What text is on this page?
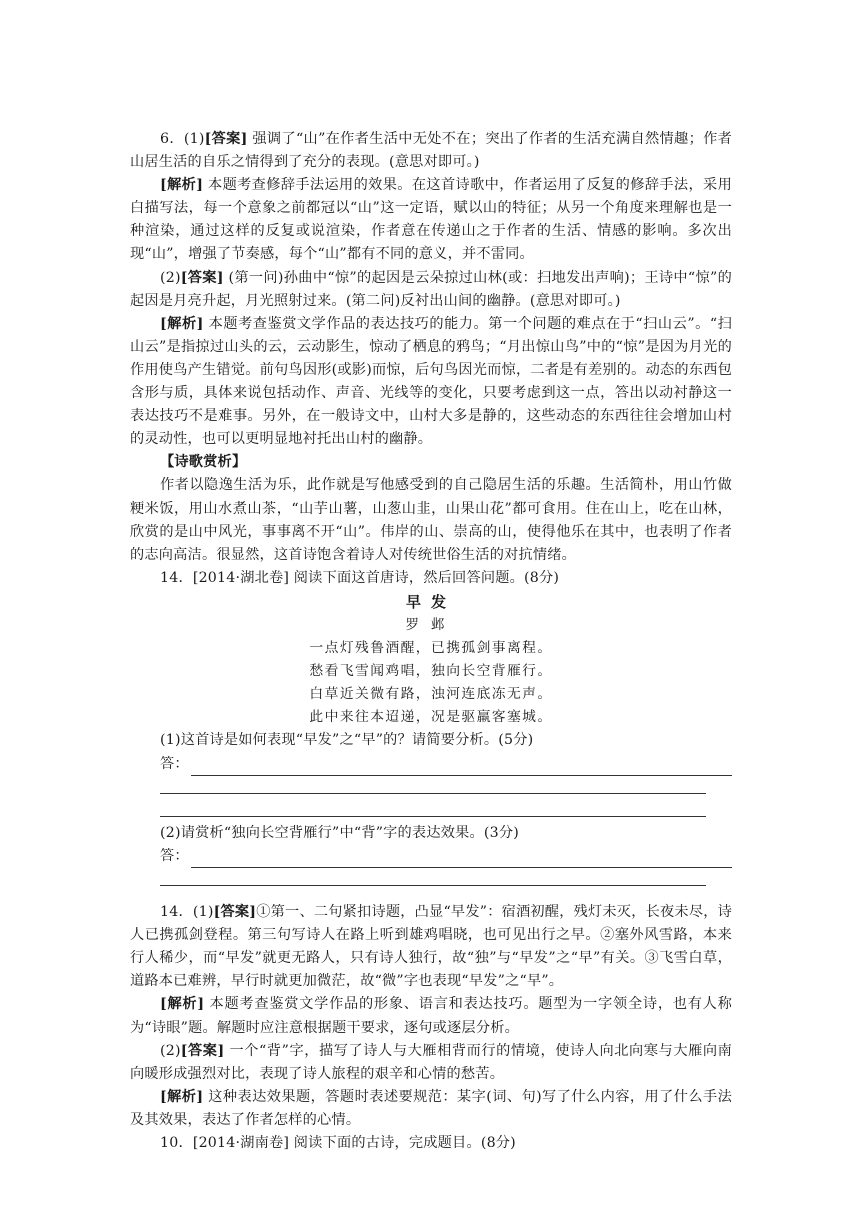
6．(1)[答案] 强调了“山”在作者生活中无处不在；突出了作者的生活充满自然情趣；作者山居生活的自乐之情得到了充分的表现。(意思对即可。)

[解析] 本题考查修辞手法运用的效果。在这首诗歌中，作者运用了反复的修辞手法，采用白描写法，每一个意象之前都冠以“山”这一定语，赋以山的特征；从另一个角度来理解也是一种渲染，通过这样的反复或说渲染，作者意在传递山之于作者的生活、情感的影响。多次出现“山”，增强了节奏感，每个“山”都有不同的意义，并不雷同。

(2)[答案] (第一问)孙曲中“惊”的起因是云朵掠过山林(或：扫地发出声响)；王诗中“惊”的起因是月亮升起，月光照射过来。(第二问)反衬出山间的幽静。(意思对即可。)

[解析] 本题考查鉴赏文学作品的表达技巧的能力。第一个问题的难点在于“扫山云”。“扫山云”是指掠过山头的云，云动影生，惊动了栖息的鸦鸟；“月出惊山鸟”中的“惊”是因为月光的作用使鸟产生错觉。前句鸟因形(或影)而惊，后句鸟因光而惊，二者是有差别的。动态的东西包含形与质，具体来说包括动作、声音、光线等的变化，只要考虑到这一点，答出以动衬静这一表达技巧不是难事。另外，在一般诗文中，山村大多是静的，这些动态的东西往往会增加山村的灵动性，也可以更明显地衬托出山村的幽静。

【诗歌赏析】

作者以隐逸生活为乐，此作就是写他感受到的自己隐居生活的乐趣。生活简朴，用山竹做粳米饭，用山水煮山茶，“山芋山薯，山葱山韭，山果山花”都可食用。住在山上，吃在山林，欣赏的是山中风光，事事离不开“山”。伟岸的山、崇高的山，使得他乐在其中，也表明了作者的志向高洁。很显然，这首诗饱含着诗人对传统世俗生活的对抗情绪。

14．[2014·湖北卷] 阅读下面这首唐诗，然后回答问题。(8分)

早发
罗邺
一点灯残鲁酒醒，已携孤剑事离程。
愁看飞雪闻鸡唱，独向长空背雁行。
白草近关微有路，浊河连底冻无声。
此中来往本迢递，况是驱羸客塞城。

(1)这首诗是如何表现“早发”之“早”的？请简要分析。(5分)

答：

(2)请赏析“独向长空背雁行”中“背”字的表达效果。(3分)

答：

14．(1)[答案]①第一、二句紧扣诗题，凸显“早发”：宿酒初醒，残灯未灭，长夜未尽，诗人已携孤剑登程。第三句写诗人在路上听到雄鸡唱晓，也可见出行之早。②塞外风雪路，本来行人稀少，而“早发”就更无路人，只有诗人独行，故“独”与“早发”之“早”有关。③飞雪白草，道路本已难辨，早行时就更加微茫，故“微”字也表现“早发”之“早”。

[解析] 本题考查鉴赏文学作品的形象、语言和表达技巧。题型为一字领全诗，也有人称为“诗眼”题。解题时应注意根据题干要求，逐句或逐层分析。

(2)[答案] 一个“背”字，描写了诗人与大雁相背而行的情境，使诗人向北向寒与大雁向南向暖形成强烈对比，表现了诗人旅程的艰辛和心情的愁苦。

[解析] 这种表达效果题，答题时表述要规范：某字(词、句)写了什么内容，用了什么手法及其效果，表达了作者怎样的心情。

10．[2014·湖南卷] 阅读下面的古诗，完成题目。(8分)
